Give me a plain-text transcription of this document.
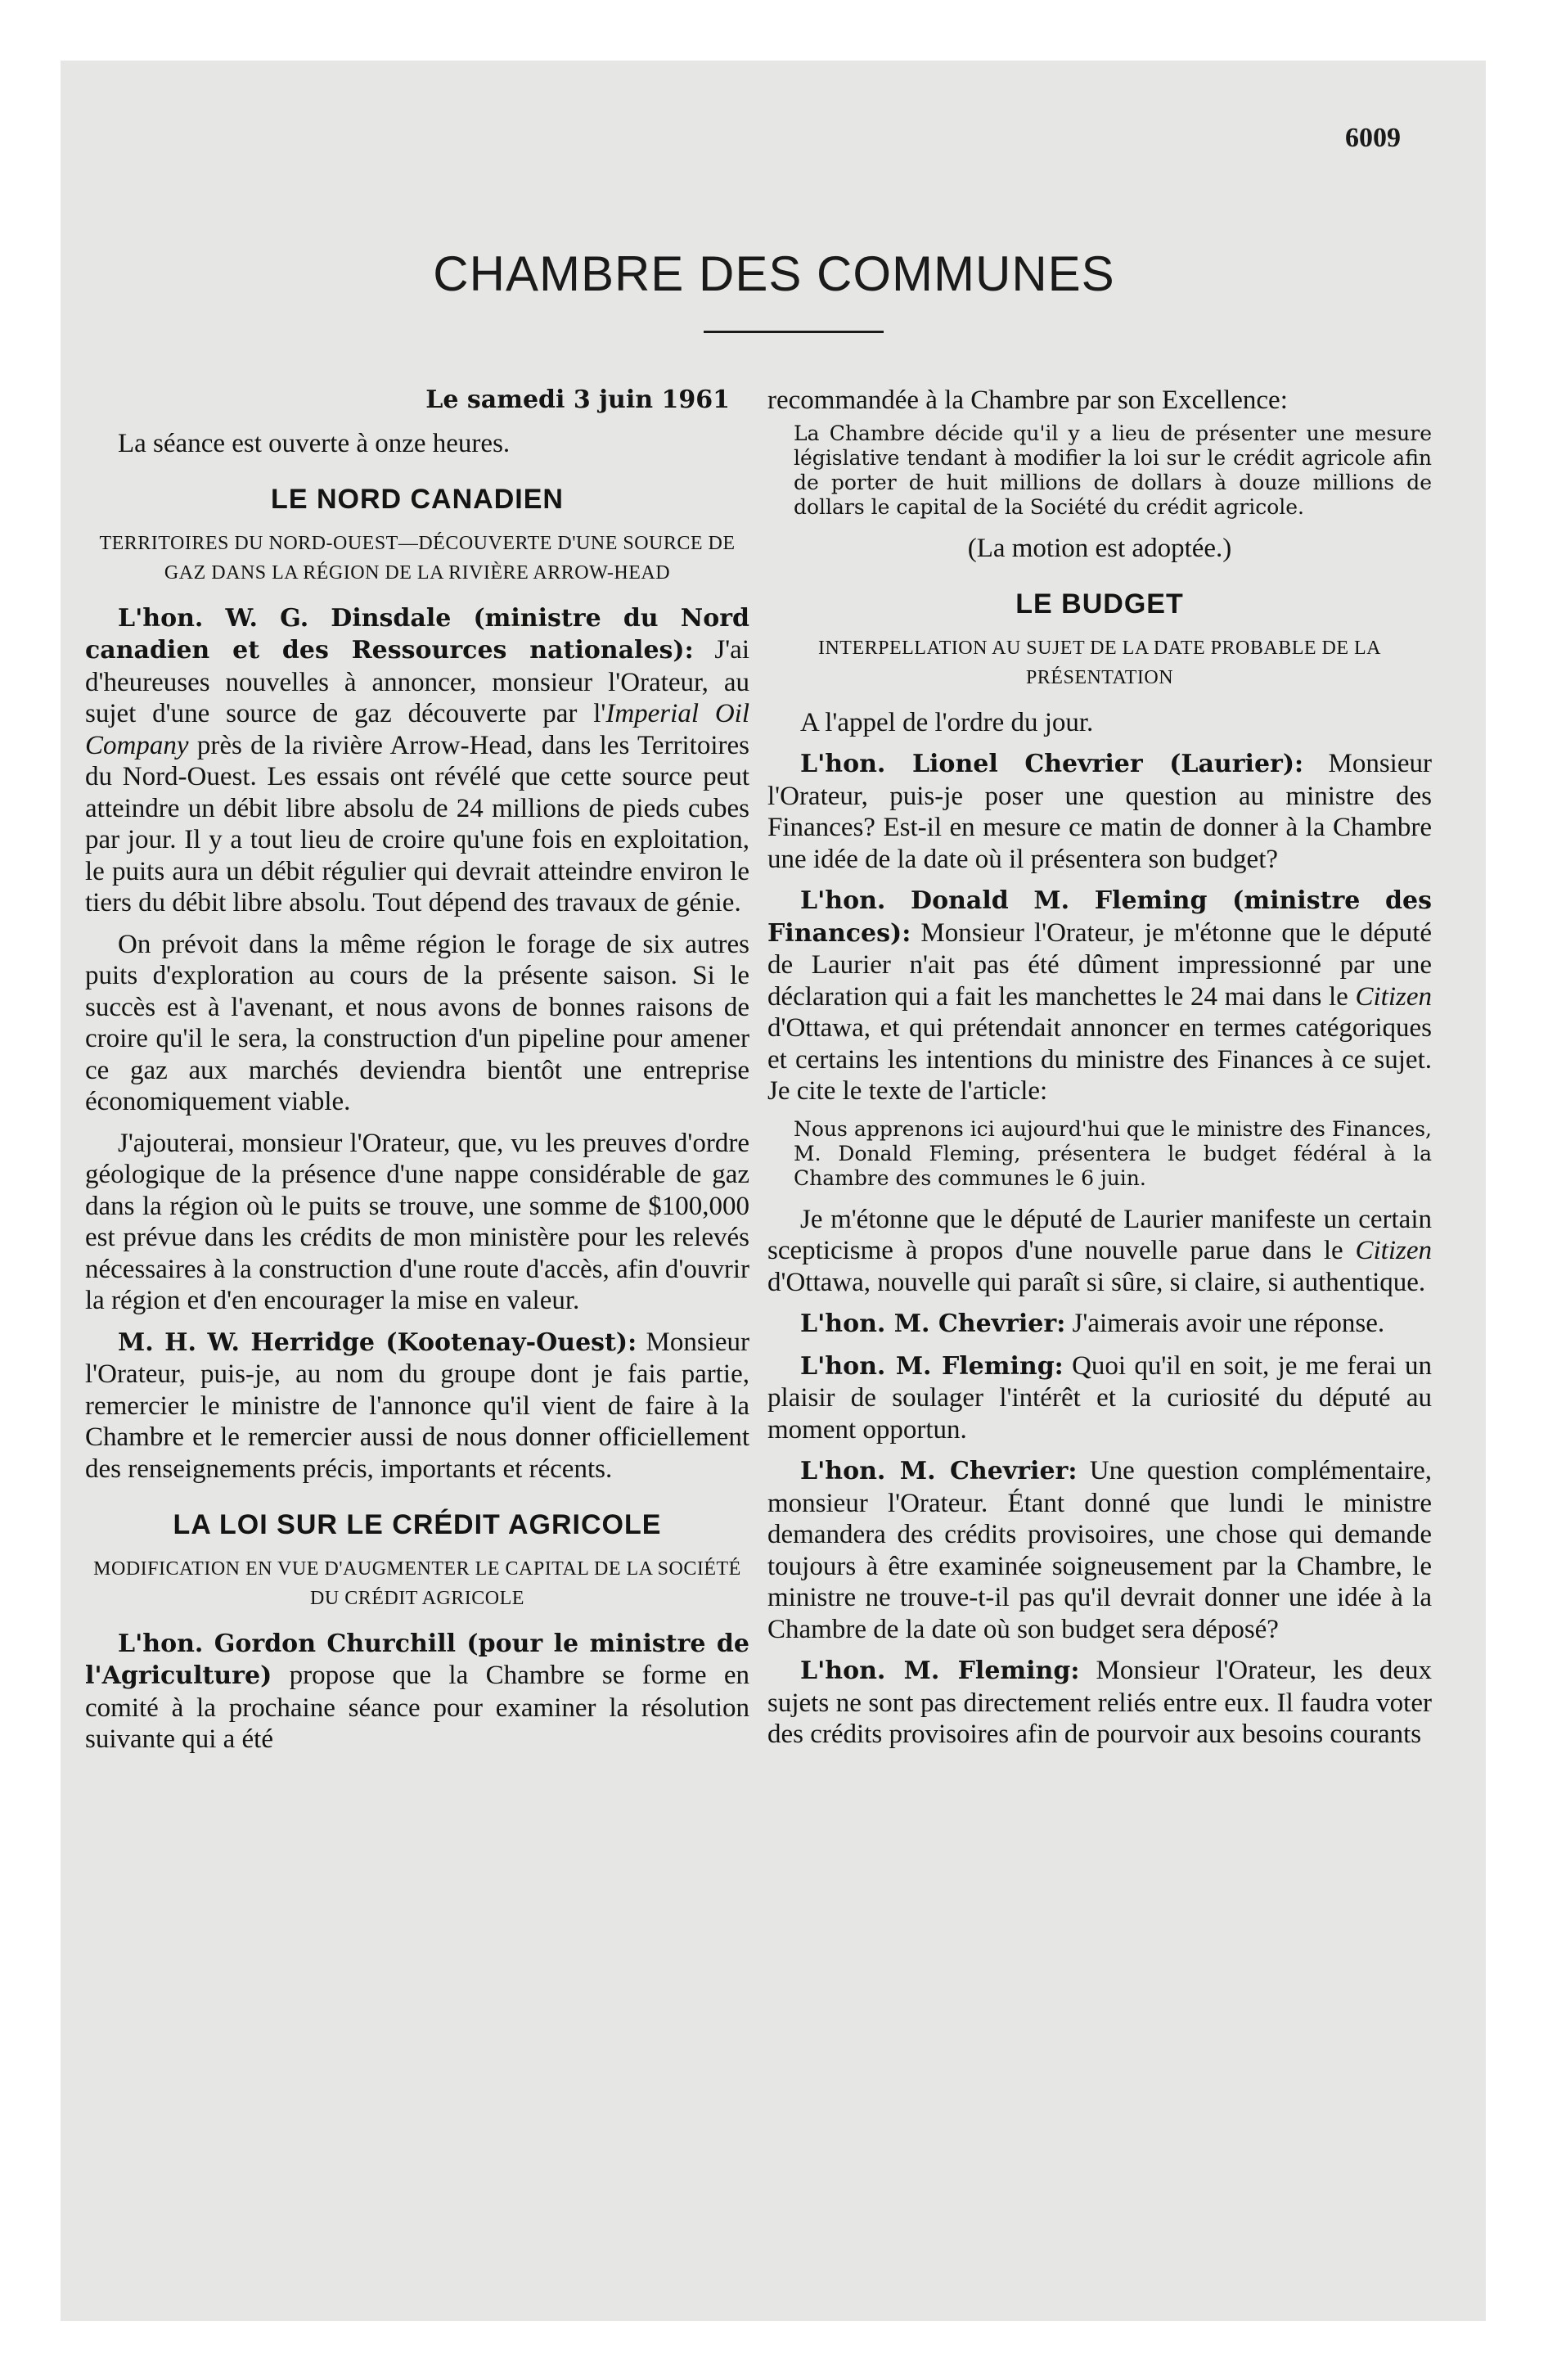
6009
CHAMBRE DES COMMUNES

Le samedi 3 juin 1961

La séance est ouverte à onze heures.

LE NORD CANADIEN
TERRITOIRES DU NORD-OUEST—DÉCOUVERTE D'UNE SOURCE DE GAZ DANS LA RÉGION DE LA RIVIÈRE ARROW-HEAD

L'hon. W. G. Dinsdale (ministre du Nord canadien et des Ressources nationales): J'ai d'heureuses nouvelles à annoncer, monsieur l'Orateur, au sujet d'une source de gaz découverte par l'Imperial Oil Company près de la rivière Arrow-Head, dans les Territoires du Nord-Ouest. Les essais ont révélé que cette source peut atteindre un débit libre absolu de 24 millions de pieds cubes par jour. Il y a tout lieu de croire qu'une fois en exploitation, le puits aura un débit régulier qui devrait atteindre environ le tiers du débit libre absolu. Tout dépend des travaux de génie.

On prévoit dans la même région le forage de six autres puits d'exploration au cours de la présente saison. Si le succès est à l'avenant, et nous avons de bonnes raisons de croire qu'il le sera, la construction d'un pipeline pour amener ce gaz aux marchés deviendra bientôt une entreprise économiquement viable.

J'ajouterai, monsieur l'Orateur, que, vu les preuves d'ordre géologique de la présence d'une nappe considérable de gaz dans la région où le puits se trouve, une somme de $100,000 est prévue dans les crédits de mon ministère pour les relevés nécessaires à la construction d'une route d'accès, afin d'ouvrir la région et d'en encourager la mise en valeur.

M. H. W. Herridge (Kootenay-Ouest): Monsieur l'Orateur, puis-je, au nom du groupe dont je fais partie, remercier le ministre de l'annonce qu'il vient de faire à la Chambre et le remercier aussi de nous donner officiellement des renseignements précis, importants et récents.

LA LOI SUR LE CRÉDIT AGRICOLE
MODIFICATION EN VUE D'AUGMENTER LE CAPITAL DE LA SOCIÉTÉ DU CRÉDIT AGRICOLE

L'hon. Gordon Churchill (pour le ministre de l'Agriculture) propose que la Chambre se forme en comité à la prochaine séance pour examiner la résolution suivante qui a été

recommandée à la Chambre par son Excellence:

La Chambre décide qu'il y a lieu de présenter une mesure législative tendant à modifier la loi sur le crédit agricole afin de porter de huit millions de dollars à douze millions de dollars le capital de la Société du crédit agricole.

(La motion est adoptée.)

LE BUDGET
INTERPELLATION AU SUJET DE LA DATE PROBABLE DE LA PRÉSENTATION

A l'appel de l'ordre du jour.

L'hon. Lionel Chevrier (Laurier): Monsieur l'Orateur, puis-je poser une question au ministre des Finances? Est-il en mesure ce matin de donner à la Chambre une idée de la date où il présentera son budget?

L'hon. Donald M. Fleming (ministre des Finances): Monsieur l'Orateur, je m'étonne que le député de Laurier n'ait pas été dûment impressionné par une déclaration qui a fait les manchettes le 24 mai dans le Citizen d'Ottawa, et qui prétendait annoncer en termes catégoriques et certains les intentions du ministre des Finances à ce sujet. Je cite le texte de l'article:

Nous apprenons ici aujourd'hui que le ministre des Finances, M. Donald Fleming, présentera le budget fédéral à la Chambre des communes le 6 juin.

Je m'étonne que le député de Laurier manifeste un certain scepticisme à propos d'une nouvelle parue dans le Citizen d'Ottawa, nouvelle qui paraît si sûre, si claire, si authentique.

L'hon. M. Chevrier: J'aimerais avoir une réponse.

L'hon. M. Fleming: Quoi qu'il en soit, je me ferai un plaisir de soulager l'intérêt et la curiosité du député au moment opportun.

L'hon. M. Chevrier: Une question complémentaire, monsieur l'Orateur. Étant donné que lundi le ministre demandera des crédits provisoires, une chose qui demande toujours à être examinée soigneusement par la Chambre, le ministre ne trouve-t-il pas qu'il devrait donner une idée à la Chambre de la date où son budget sera déposé?

L'hon. M. Fleming: Monsieur l'Orateur, les deux sujets ne sont pas directement reliés entre eux. Il faudra voter des crédits provisoires afin de pourvoir aux besoins courants
